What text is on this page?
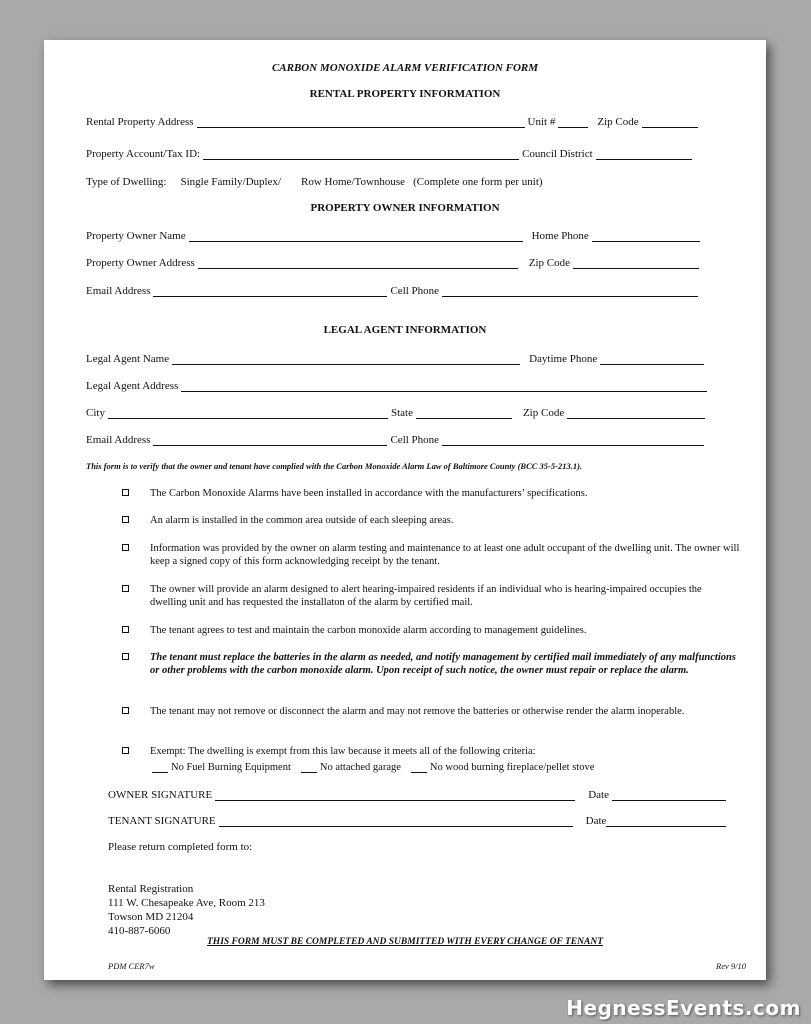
CARBON MONOXIDE ALARM VERIFICATION FORM
RENTAL PROPERTY INFORMATION
Rental Property Address	Unit #	Zip Code
Property Account/Tax ID:	Council District
Type of Dwelling: Single Family/Duplex/ Row Home/Townhouse (Complete one form per unit)
PROPERTY OWNER INFORMATION
Property Owner Name	Home Phone
Property Owner Address	Zip Code
Email Address	Cell Phone
LEGAL AGENT INFORMATION
Legal Agent Name	Daytime Phone
Legal Agent Address
City	State	Zip Code
Email Address	Cell Phone
This form is to verify that the owner and tenant have complied with the Carbon Monoxide Alarm Law of Baltimore County (BCC 35-5-213.1).
The Carbon Monoxide Alarms have been installed in accordance with the manufacturers’ specifications.
An alarm is installed in the common area outside of each sleeping areas.
Information was provided by the owner on alarm testing and maintenance to at least one adult occupant of the dwelling unit. The owner will keep a signed copy of this form acknowledging receipt by the tenant.
The owner will provide an alarm designed to alert hearing-impaired residents if an individual who is hearing-impaired occupies the dwelling unit and has requested the installaton of the alarm by certified mail.
The tenant agrees to test and maintain the carbon monoxide alarm according to management guidelines.
The tenant must replace the batteries in the alarm as needed, and notify management by certified mail immediately of any malfunctions or other problems with the carbon monoxide alarm. Upon receipt of such notice, the owner must repair or replace the alarm.
The tenant may not remove or disconnect the alarm and may not remove the batteries or otherwise render the alarm inoperable.
Exempt: The dwelling is exempt from this law because it meets all of the following criteria:
No Fuel Burning Equipment	No attached garage	No wood burning fireplace/pellet stove
OWNER SIGNATURE	Date
TENANT SIGNATURE	Date
Please return completed form to:
Rental Registration
111 W. Chesapeake Ave, Room 213
Towson MD 21204
410-887-6060
THIS FORM MUST BE COMPLETED AND SUBMITTED WITH EVERY CHANGE OF TENANT
PDM CER7w	Rev 9/10
HegnessEvents.com
